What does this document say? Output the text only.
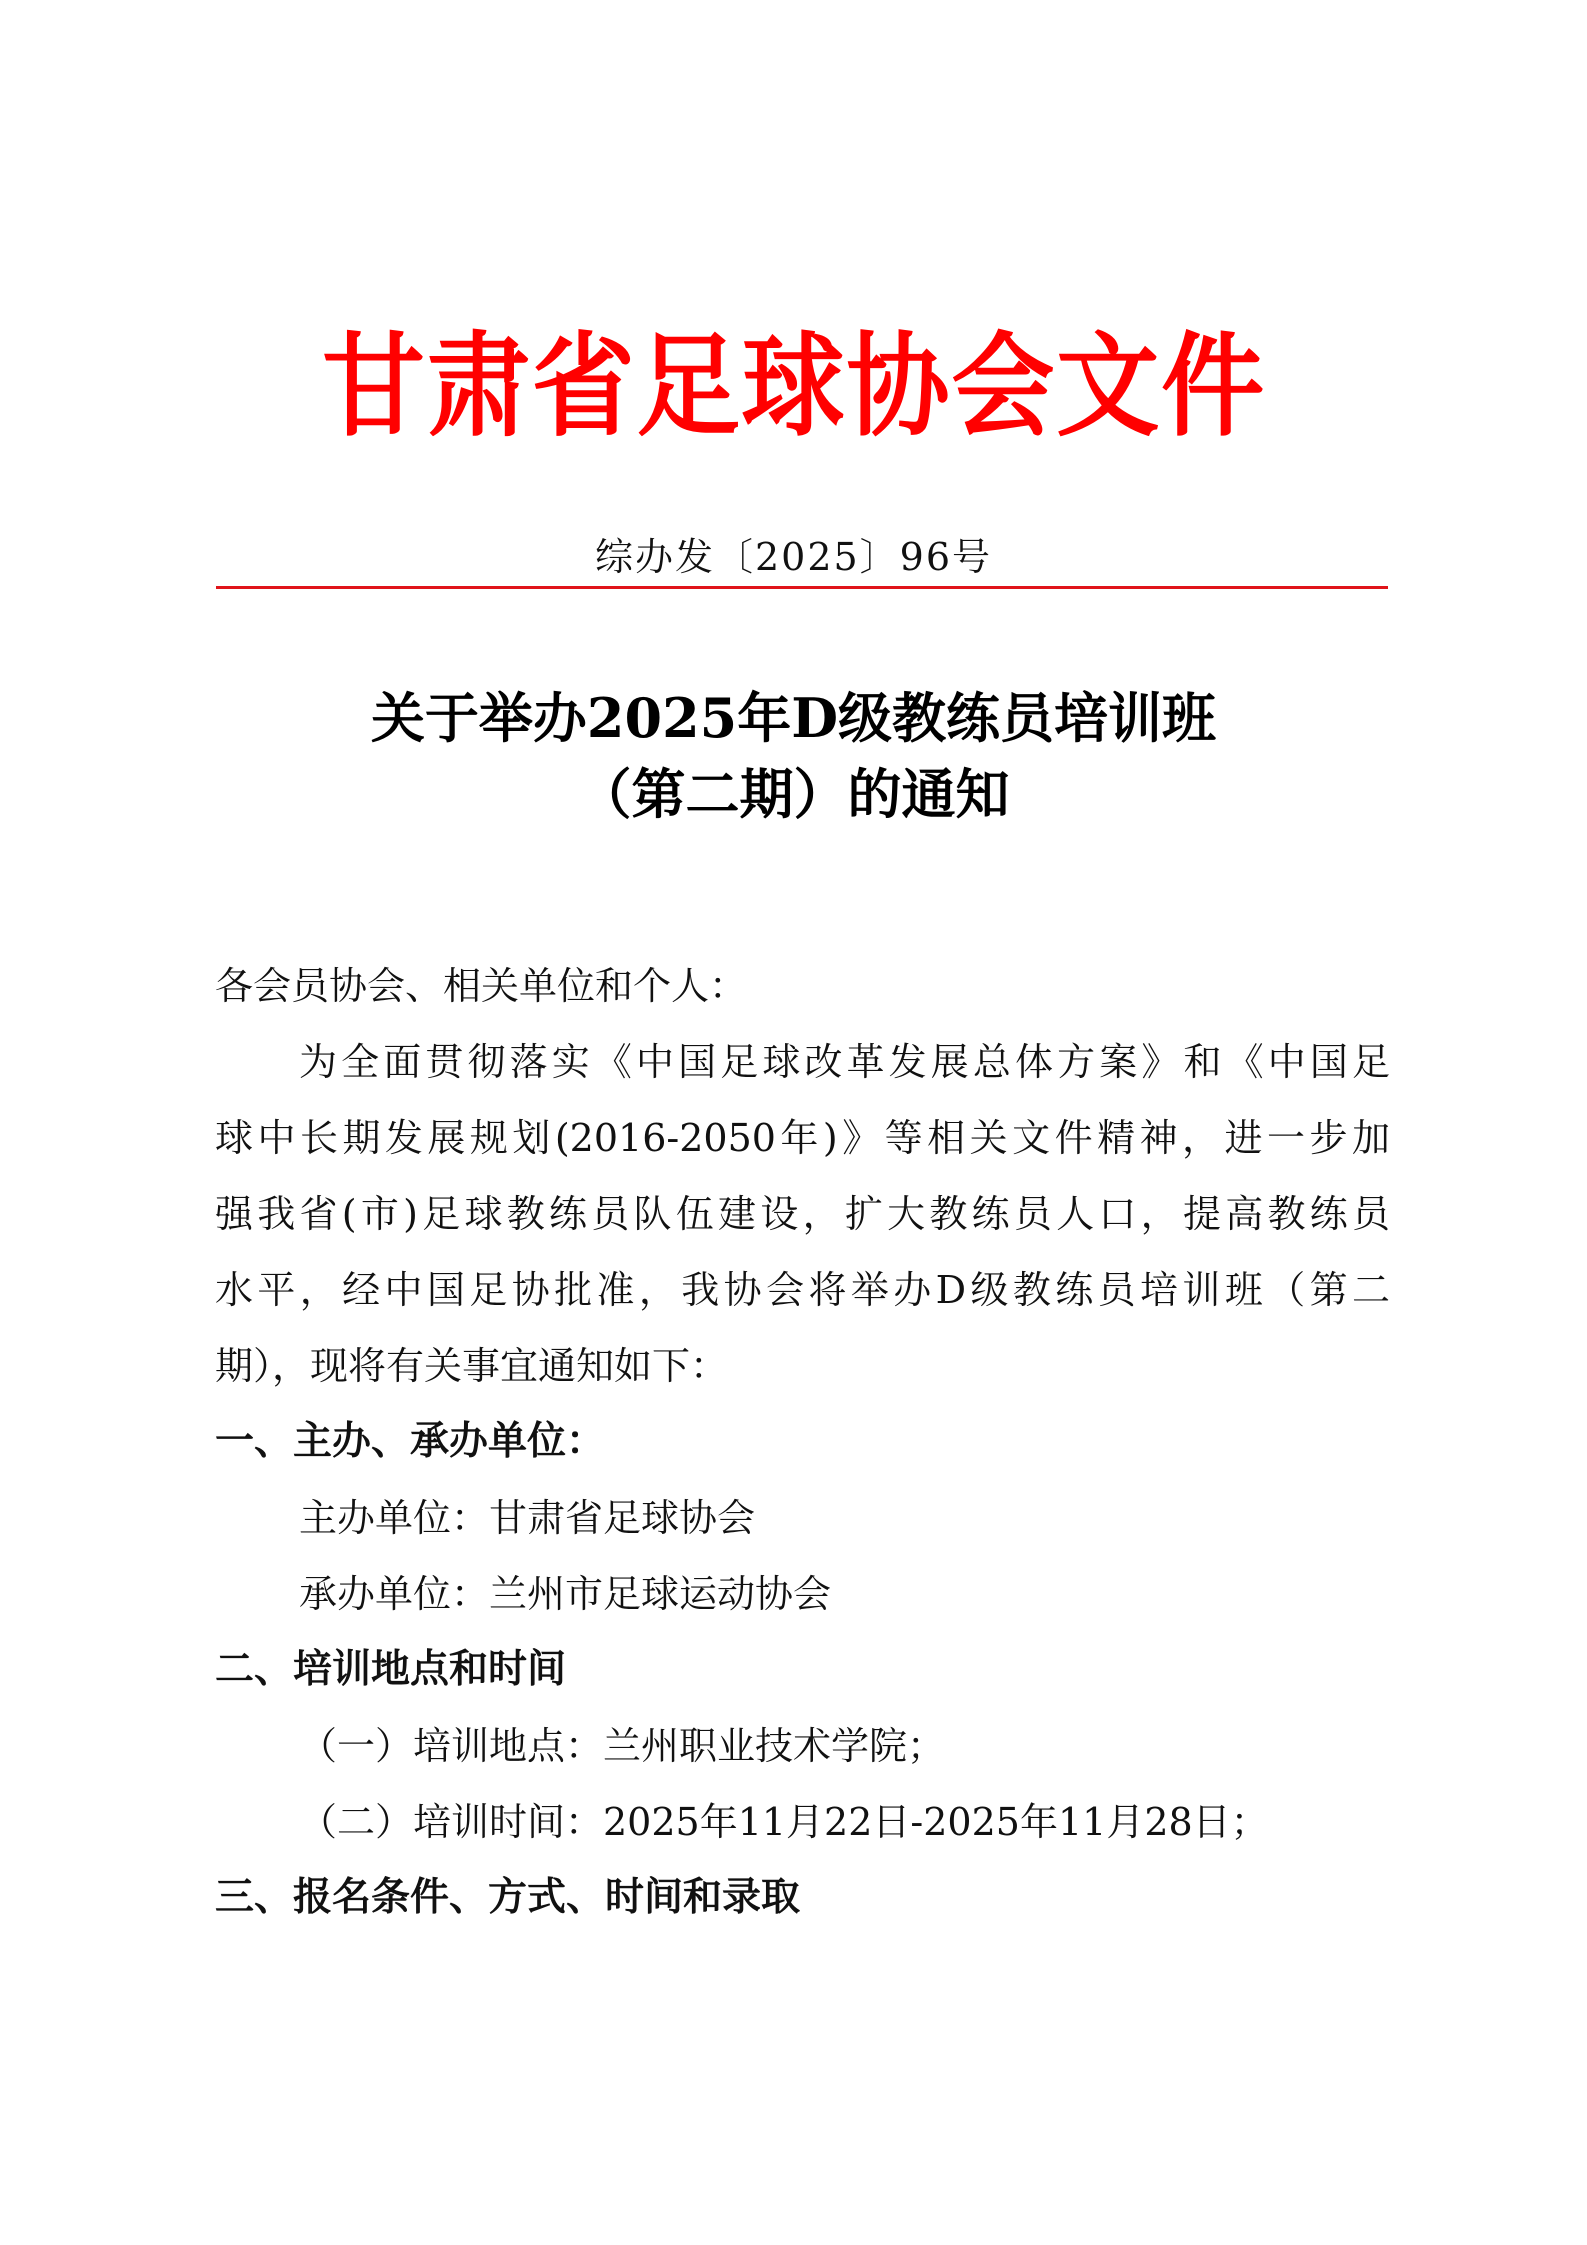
甘肃省足球协会文件
综办发〔2025〕96号
关于举办2025年D级教练员培训班
（第二期）的通知
各会员协会、相关单位和个人：
为全面贯彻落实《中国足球改革发展总体方案》和《中国足
球中长期发展规划(2016-2050年)》等相关文件精神，进一步加
强我省(市)足球教练员队伍建设，扩大教练员人口，提高教练员
水平，经中国足协批准，我协会将举办D级教练员培训班（第二
期），现将有关事宜通知如下：
一、主办、承办单位：
主办单位：甘肃省足球协会
承办单位：兰州市足球运动协会
二、培训地点和时间
（一）培训地点：兰州职业技术学院；
（二）培训时间：2025年11月22日-2025年11月28日；
三、报名条件、方式、时间和录取
